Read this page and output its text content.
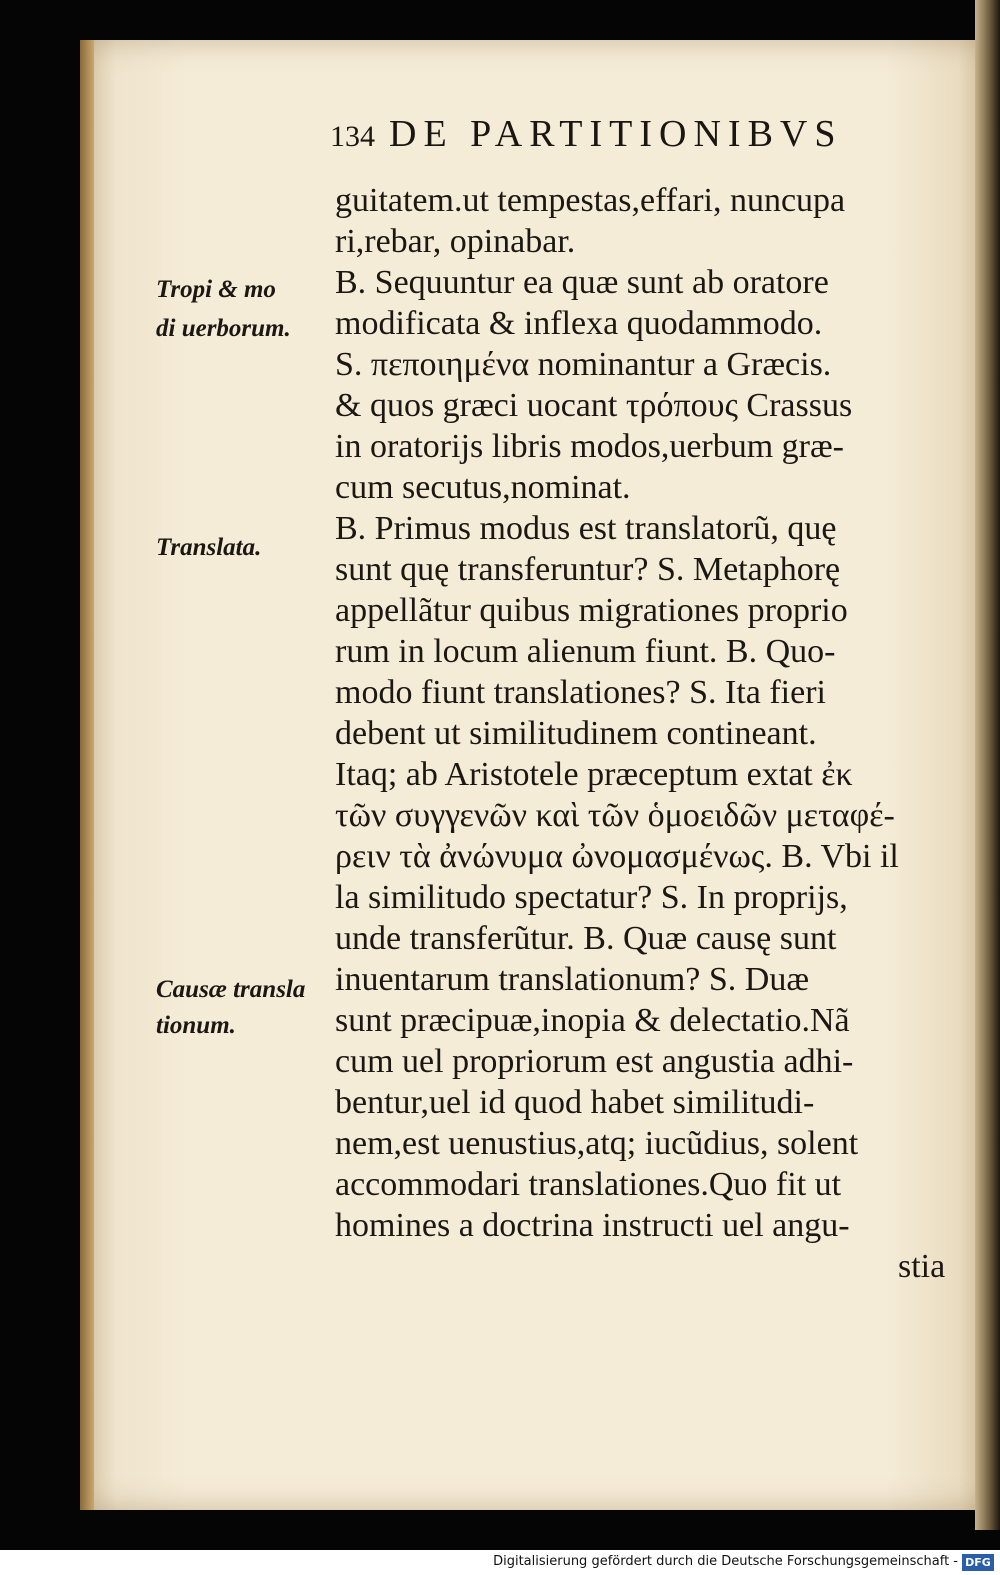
134 DE PARTITIONIBVS
guitatem.ut tempestas,effari, nuncupa
ri,rebar, opinabar.
B. Sequuntur ea quæ sunt ab oratore
modificata & inflexa quodammodo.
S. πεποιημένα nominantur a Græcis.
& quos græci uocant τρόπους Crassus
in oratorijs libris modos,uerbum græ-
cum secutus,nominat.
B. Primus modus est translatorũ, quę
sunt quę transferuntur? S. Metaphorę
appellãtur quibus migrationes proprio
rum in locum alienum fiunt. B. Quo-
modo fiunt translationes? S. Ita fieri
debent ut similitudinem contineant.
Itaq; ab Aristotele præceptum extat ἐκ
τῶν συγγενῶν καὶ τῶν ὁμοειδῶν μεταφέ-
ρειν τὰ ἀνώνυμα ὠνομασμένως. B. Vbi il
la similitudo spectatur? S. In proprijs,
unde transferũtur. B. Quæ causę sunt
inuentarum translationum? S. Duæ
sunt præcipuæ,inopia & delectatio.Nã
cum uel propriorum est angustia adhi-
bentur,uel id quod habet similitudi-
nem,est uenustius,atq; iucũdius, solent
accommodari translationes.Quo fit ut
homines a doctrina instructi uel angu-
stia
Tropi & mo
di uerborum.
Translata.
Causæ transla
tionum.
Digitalisierung gefördert durch die Deutsche Forschungsgemeinschaft - DFG
